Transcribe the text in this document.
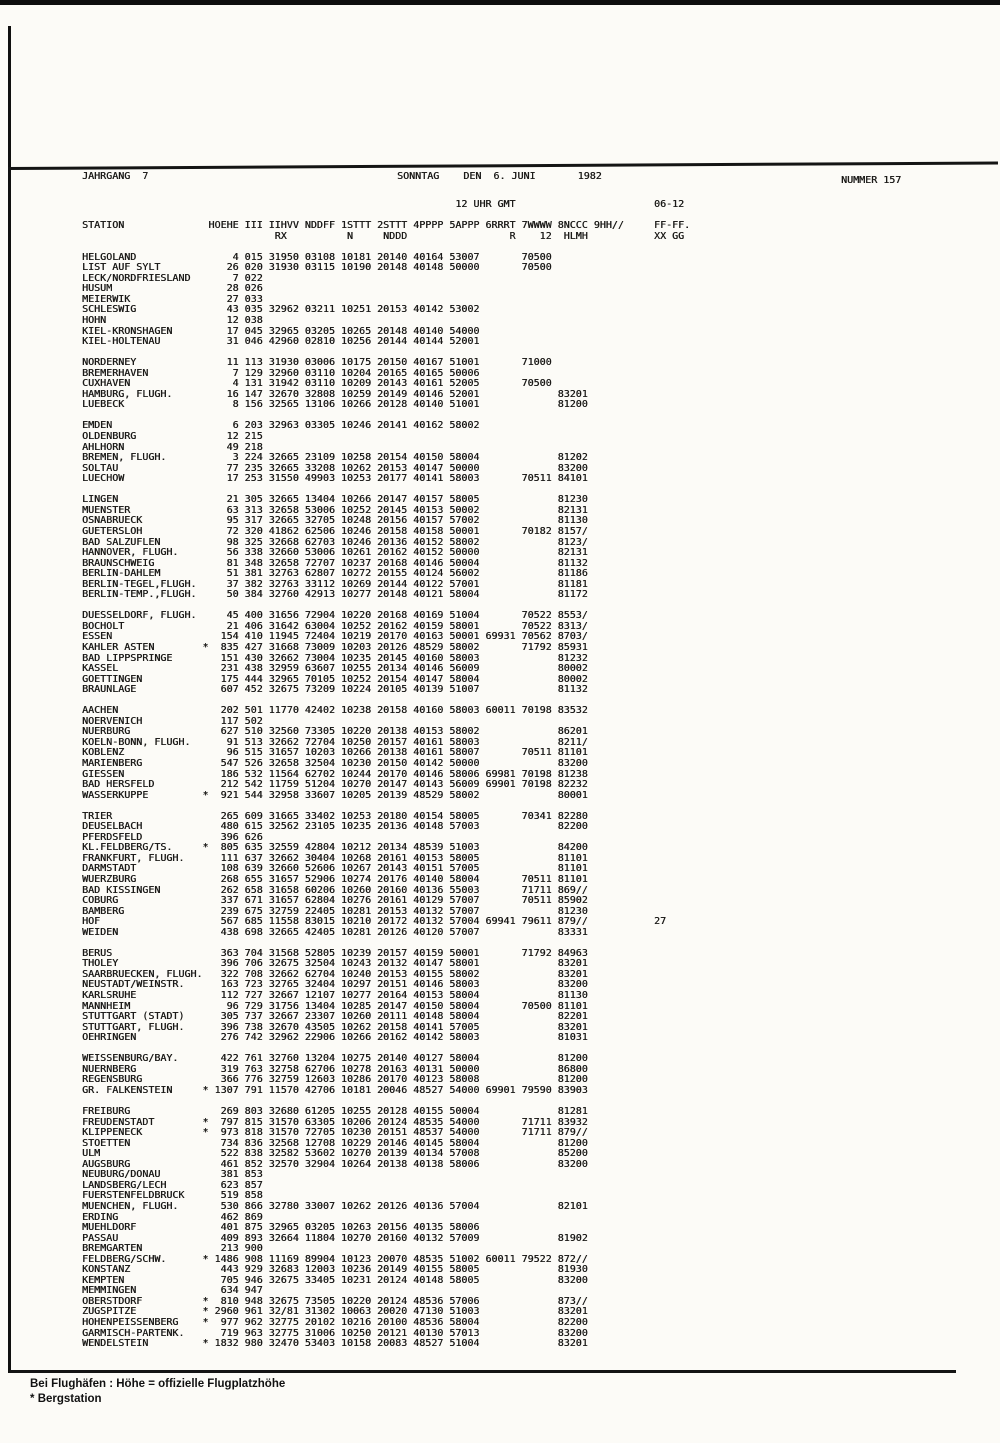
JAHRGANG  7	SONNTAG    DEN  6. JUNI       1982	NUMMER 157
12 UHR GMT                       06-12
STATION              HOEHE III IIHVV NDDFF 1STTT 2STTT 4PPPP 5APPP 6RRRT 7WWWW 8NCCC 9HH//     FF-FF.
RX          N     NDDD                 R    12  HLMH           XX GG
HELGOLAND                4 015 31950 03108 10181 20140 40164 53007       70500
LIST AUF SYLT           26 020 31930 03115 10190 20148 40148 50000       70500
LECK/NORDFRIESLAND       7 022
HUSUM                   28 026
MEIERWIK                27 033
SCHLESWIG               43 035 32962 03211 10251 20153 40142 53002
HOHN                    12 038
KIEL-KRONSHAGEN         17 045 32965 03205 10265 20148 40140 54000
KIEL-HOLTENAU           31 046 42960 02810 10256 20144 40144 52001
NORDERNEY               11 113 31930 03006 10175 20150 40167 51001       71000
BREMERHAVEN              7 129 32960 03110 10204 20165 40165 50006
CUXHAVEN                 4 131 31942 03110 10209 20143 40161 52005       70500
HAMBURG, FLUGH.         16 147 32670 32808 10259 20149 40146 52001             83201
LUEBECK                  8 156 32565 13106 10266 20128 40140 51001             81200
EMDEN                    6 203 32963 03305 10246 20141 40162 58002
OLDENBURG               12 215
AHLHORN                 49 218
BREMEN, FLUGH.           3 224 32665 23109 10258 20154 40150 58004             81202
SOLTAU                  77 235 32665 33208 10262 20153 40147 50000             83200
LUECHOW                 17 253 31550 49903 10253 20177 40141 58003       70511 84101
LINGEN                  21 305 32665 13404 10266 20147 40157 58005             81230
MUENSTER                63 313 32658 53006 10252 20145 40153 50002             82131
OSNABRUECK              95 317 32665 32705 10248 20156 40157 57002             81130
GUETERSLOH              72 320 41862 62506 10246 20158 40158 50001       70182 8157/
BAD SALZUFLEN           98 325 32668 62703 10246 20136 40152 58002             8123/
HANNOVER, FLUGH.        56 338 32660 53006 10261 20162 40152 50000             82131
BRAUNSCHWEIG            81 348 32658 72707 10237 20168 40146 50004             81132
BERLIN-DAHLEM           51 381 32763 62807 10272 20155 40124 56002             81186
BERLIN-TEGEL,FLUGH.     37 382 32763 33112 10269 20144 40122 57001             81181
BERLIN-TEMP.,FLUGH.     50 384 32760 42913 10277 20148 40121 58004             81172
DUESSELDORF, FLUGH.     45 400 31656 72904 10220 20168 40169 51004       70522 8553/
BOCHOLT                 21 406 31642 63004 10252 20162 40159 58001       70522 8313/
ESSEN                  154 410 11945 72404 10219 20170 40163 50001 69931 70562 8703/
KAHLER ASTEN        *  835 427 31668 73009 10203 20126 48529 58002       71792 85931
BAD LIPPSPRINGE        151 430 32662 73004 10235 20145 40160 58003             81232
KASSEL                 231 438 32959 63607 10255 20134 40146 56009             80002
GOETTINGEN             175 444 32965 70105 10252 20154 40147 58004             80002
BRAUNLAGE              607 452 32675 73209 10224 20105 40139 51007             81132
AACHEN                 202 501 11770 42402 10238 20158 40160 58003 60011 70198 83532
NOERVENICH             117 502
NUERBURG               627 510 32560 73305 10220 20138 40153 58002             86201
KOELN-BONN, FLUGH.      91 513 32662 72704 10250 20157 40161 58003             8211/
KOBLENZ                 96 515 31657 10203 10266 20138 40161 58007       70511 81101
MARIENBERG             547 526 32658 32504 10230 20150 40142 50000             83200
GIESSEN                186 532 11564 62702 10244 20170 40146 58006 69981 70198 81238
BAD HERSFELD           212 542 11759 51204 10270 20147 40143 56009 69901 70198 82232
WASSERKUPPE         *  921 544 32958 33607 10205 20139 48529 58002             80001
TRIER                  265 609 31665 33402 10253 20180 40154 58005       70341 82280
DEUSELBACH             480 615 32562 23105 10235 20136 40148 57003             82200
PFERDSFELD             396 626
KL.FELDBERG/TS.     *  805 635 32559 42804 10212 20134 48539 51003             84200
FRANKFURT, FLUGH.      111 637 32662 30404 10268 20161 40153 58005             81101
DARMSTADT              108 639 32660 52606 10267 20143 40151 57005             81101
WUERZBURG              268 655 31657 52906 10274 20176 40140 58004       70511 81101
BAD KISSINGEN          262 658 31658 60206 10260 20160 40136 55003       71711 869//
COBURG                 337 671 31657 62804 10276 20161 40129 57007       70511 85902
BAMBERG                239 675 32759 22405 10281 20153 40132 57007             81230
HOF                    567 685 11558 83015 10210 20172 40132 57004 69941 79611 879//           27
WEIDEN                 438 698 32665 42405 10281 20126 40120 57007             83331
BERUS                  363 704 31568 52805 10239 20157 40159 50001       71792 84963
THOLEY                 396 706 32675 32504 10243 20132 40147 58001             83201
SAARBRUECKEN, FLUGH.   322 708 32662 62704 10240 20153 40155 58002             83201
NEUSTADT/WEINSTR.      163 723 32765 32404 10297 20151 40146 58003             83200
KARLSRUHE              112 727 32667 12107 10277 20164 40153 58004             81130
MANNHEIM                96 729 31756 13404 10285 20147 40150 58004       70500 81101
STUTTGART (STADT)      305 737 32667 23307 10260 20111 40148 58004             82201
STUTTGART, FLUGH.      396 738 32670 43505 10262 20158 40141 57005             83201
OEHRINGEN              276 742 32962 22906 10266 20162 40142 58003             81031
WEISSENBURG/BAY.       422 761 32760 13204 10275 20140 40127 58004             81200
NUERNBERG              319 763 32758 62706 10278 20163 40131 50000             86800
REGENSBURG             366 776 32759 12603 10286 20170 40123 58008             81200
GR. FALKENSTEIN     * 1307 791 11570 42706 10181 20046 48527 54000 69901 79590 83903
FREIBURG               269 803 32680 61205 10255 20128 40155 50004             81281
FREUDENSTADT        *  797 815 31570 63305 10206 20124 48535 54000       71711 83932
KLIPPENECK          *  973 818 31570 72705 10230 20151 48537 54000       71711 879//
STOETTEN               734 836 32568 12708 10229 20146 40145 58004             81200
ULM                    522 838 32582 53602 10270 20139 40134 57008             85200
AUGSBURG               461 852 32570 32904 10264 20138 40138 58006             83200
NEUBURG/DONAU          381 853
LANDSBERG/LECH         623 857
FUERSTENFELDBRUCK      519 858
MUENCHEN, FLUGH.       530 866 32780 33007 10262 20126 40136 57004             82101
ERDING                 462 869
MUEHLDORF              401 875 32965 03205 10263 20156 40135 58006
PASSAU                 409 893 32664 11804 10270 20160 40132 57009             81902
BREMGARTEN             213 900
FELDBERG/SCHW.      * 1486 908 11169 89904 10123 20070 48535 51002 60011 79522 872//
KONSTANZ               443 929 32683 12003 10236 20149 40155 58005             81930
KEMPTEN                705 946 32675 33405 10231 20124 40148 58005             83200
MEMMINGEN              634 947
OBERSTDORF          *  810 948 32675 73505 10220 20124 48536 57006             873//
ZUGSPITZE           * 2960 961 32/81 31302 10063 20020 47130 51003             83201
HOHENPEISSENBERG    *  977 962 32775 20102 10216 20100 48536 58004             82200
GARMISCH-PARTENK.      719 963 32775 31006 10250 20121 40130 57013             83200
WENDELSTEIN         * 1832 980 32470 53403 10158 20083 48527 51004             83201
Bei Flughäfen : Höhe = offizielle Flugplatzhöhe
* Bergstation
